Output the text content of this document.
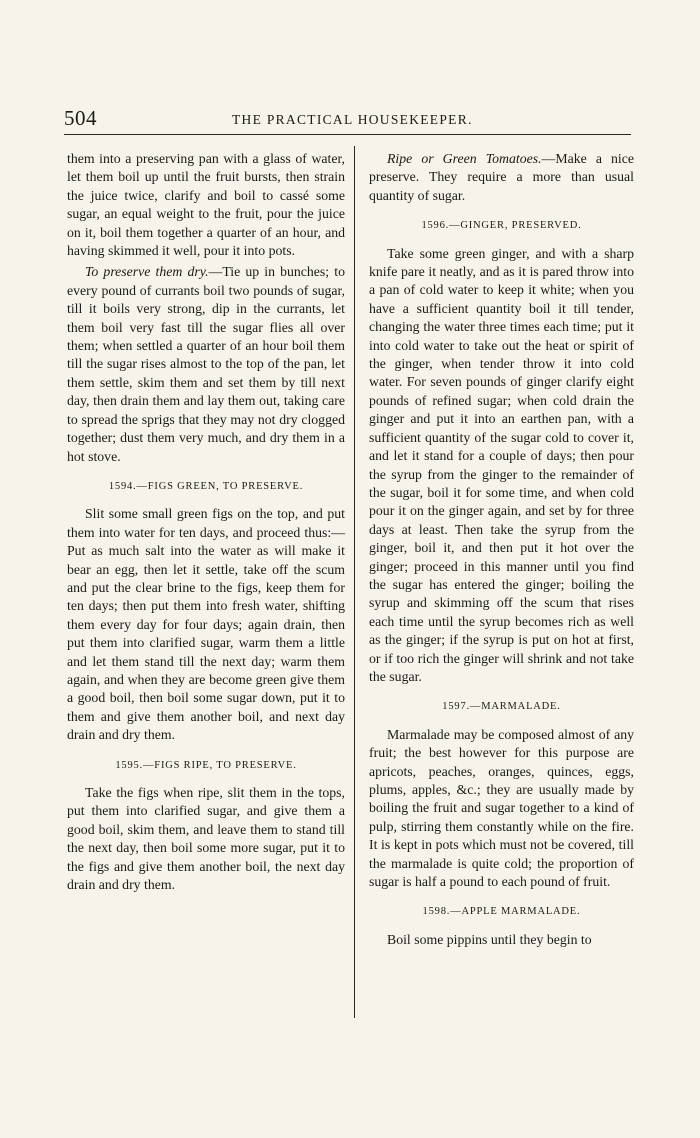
504	THE PRACTICAL HOUSEKEEPER.

them into a preserving pan with a glass of water, let them boil up until the fruit bursts, then strain the juice twice, clarify and boil to cassé some sugar, an equal weight to the fruit, pour the juice on it, boil them together a quarter of an hour, and having skimmed it well, pour it into pots.

To preserve them dry.—Tie up in bunches; to every pound of currants boil two pounds of sugar, till it boils very strong, dip in the currants, let them boil very fast till the sugar flies all over them; when settled a quarter of an hour boil them till the sugar rises almost to the top of the pan, let them settle, skim them and set them by till next day, then drain them and lay them out, taking care to spread the sprigs that they may not dry clogged together; dust them very much, and dry them in a hot stove.

1594.—FIGS GREEN, TO PRESERVE.

Slit some small green figs on the top, and put them into water for ten days, and proceed thus:—Put as much salt into the water as will make it bear an egg, then let it settle, take off the scum and put the clear brine to the figs, keep them for ten days; then put them into fresh water, shifting them every day for four days; again drain, then put them into clarified sugar, warm them a little and let them stand till the next day; warm them again, and when they are become green give them a good boil, then boil some sugar down, put it to them and give them another boil, and next day drain and dry them.

1595.—FIGS RIPE, TO PRESERVE.

Take the figs when ripe, slit them in the tops, put them into clarified sugar, and give them a good boil, skim them, and leave them to stand till the next day, then boil some more sugar, put it to the figs and give them another boil, the next day drain and dry them.

Ripe or Green Tomatoes.—Make a nice preserve. They require a more than usual quantity of sugar.

1596.—GINGER, PRESERVED.

Take some green ginger, and with a sharp knife pare it neatly, and as it is pared throw into a pan of cold water to keep it white; when you have a sufficient quantity boil it till tender, changing the water three times each time; put it into cold water to take out the heat or spirit of the ginger, when tender throw it into cold water. For seven pounds of ginger clarify eight pounds of refined sugar; when cold drain the ginger and put it into an earthen pan, with a sufficient quantity of the sugar cold to cover it, and let it stand for a couple of days; then pour the syrup from the ginger to the remainder of the sugar, boil it for some time, and when cold pour it on the ginger again, and set by for three days at least. Then take the syrup from the ginger, boil it, and then put it hot over the ginger; proceed in this manner until you find the sugar has entered the ginger; boiling the syrup and skimming off the scum that rises each time until the syrup becomes rich as well as the ginger; if the syrup is put on hot at first, or if too rich the ginger will shrink and not take the sugar.

1597.—MARMALADE.

Marmalade may be composed almost of any fruit; the best however for this purpose are apricots, peaches, oranges, quinces, eggs, plums, apples, &c.; they are usually made by boiling the fruit and sugar together to a kind of pulp, stirring them constantly while on the fire. It is kept in pots which must not be covered, till the marmalade is quite cold; the proportion of sugar is half a pound to each pound of fruit.

1598.—APPLE MARMALADE.

Boil some pippins until they begin to
